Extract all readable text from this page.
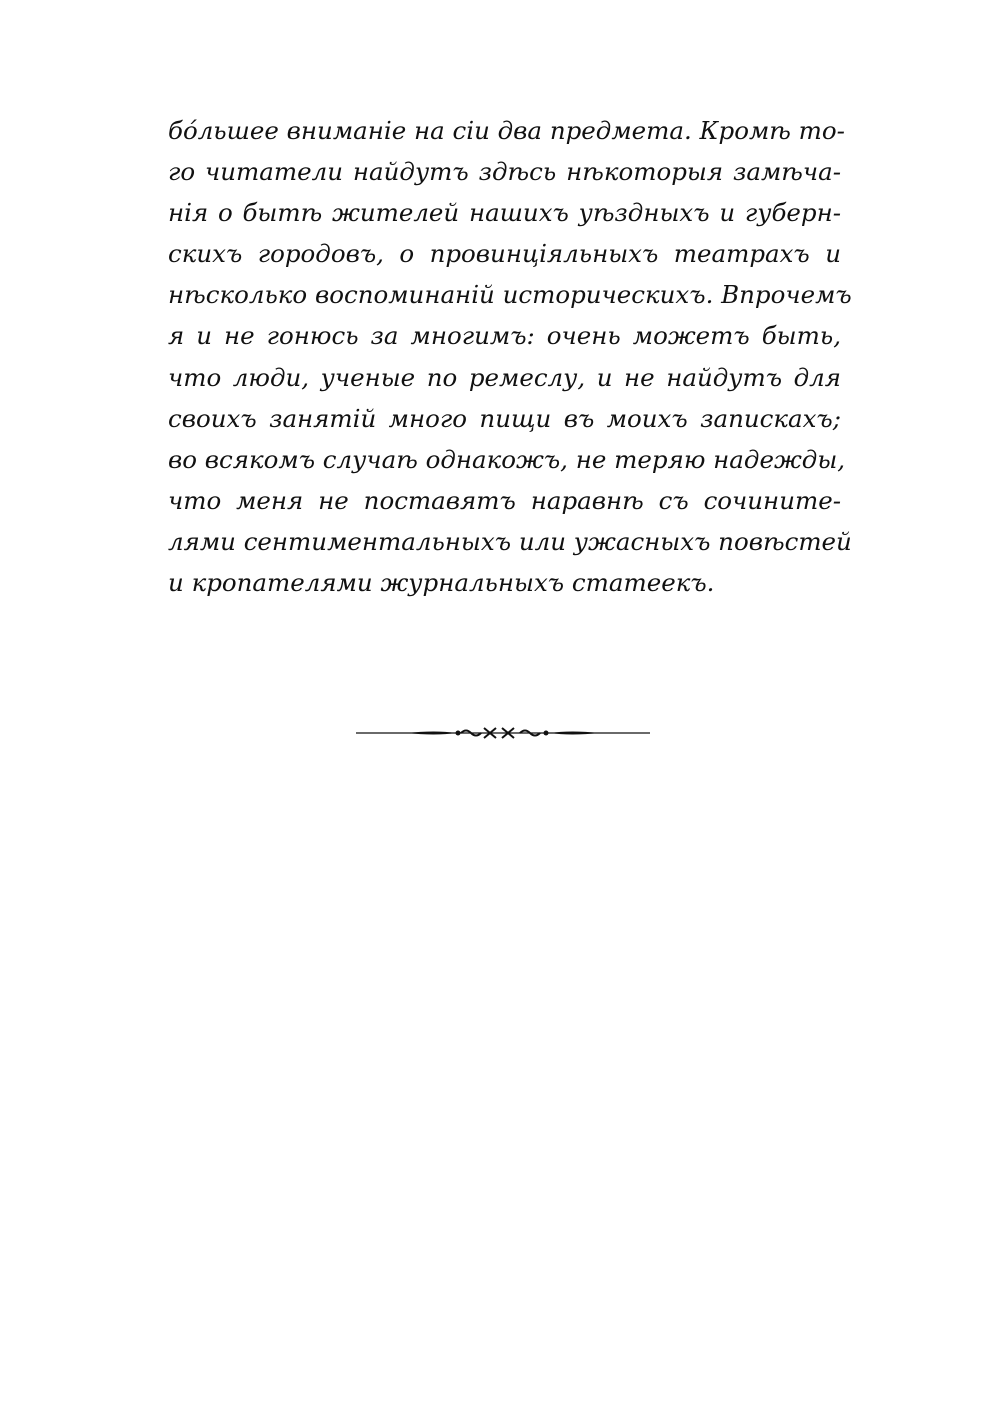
бо́льшее вниманіе на сіи два предмета. Кромѣ то-
го читатели найдутъ здѣсь нѣкоторыя замѣча-
нія о бытѣ жителей нашихъ уѣздныхъ и губерн-
скихъ городовъ, о провинціяльныхъ театрахъ и
нѣсколько воспоминаній историческихъ. Впрочемъ
я и не гонюсь за многимъ: очень можетъ быть,
что люди, ученые по ремеслу, и не найдутъ для
своихъ занятій много пищи въ моихъ запискахъ;
во всякомъ случаѣ однакожъ, не теряю надежды,
что меня не поставятъ наравнѣ съ сочините-
лями сентиментальныхъ или ужасныхъ повѣстей
и кропателями журнальныхъ статеекъ.
